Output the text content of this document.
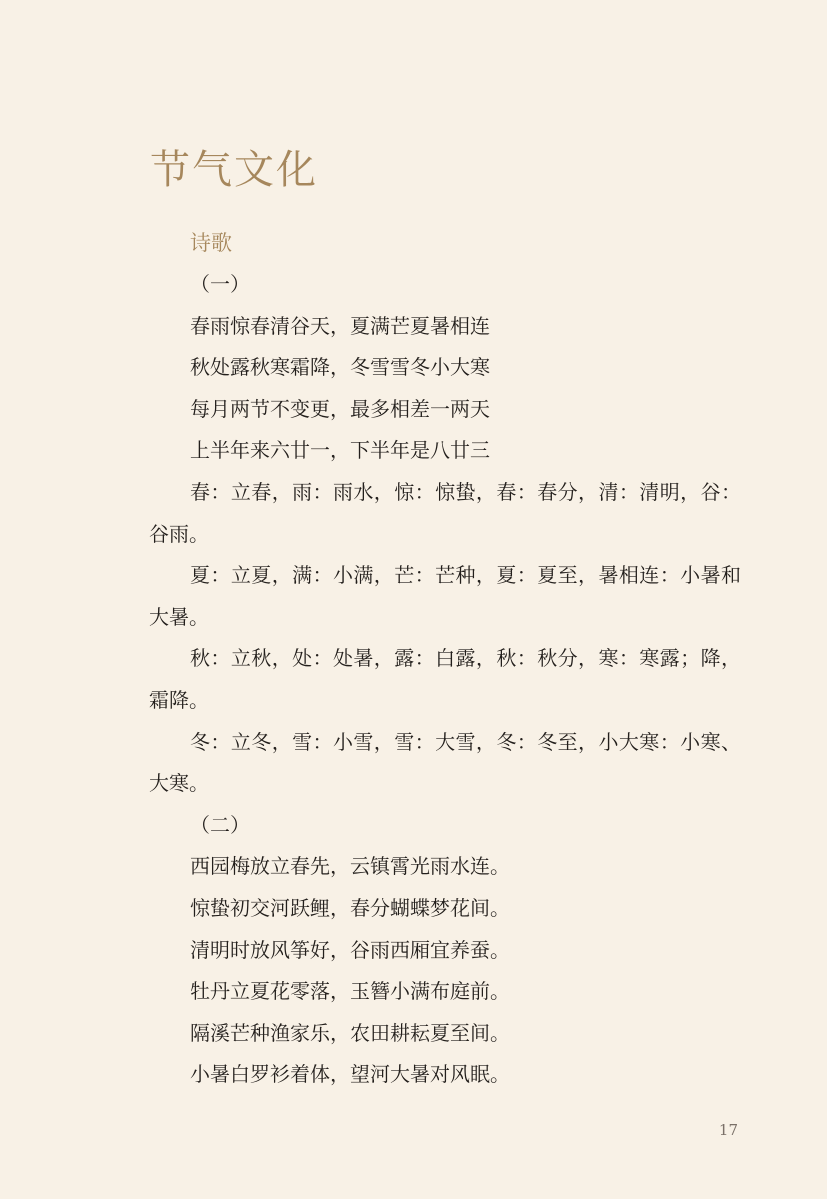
节气文化
诗歌
（一）
春雨惊春清谷天，夏满芒夏暑相连
秋处露秋寒霜降，冬雪雪冬小大寒
每月两节不变更，最多相差一两天
上半年来六廿一，下半年是八廿三
春：立春，雨：雨水，惊：惊蛰，春：春分，清：清明，谷：谷雨。
夏：立夏，满：小满，芒：芒种，夏：夏至，暑相连：小暑和大暑。
秋：立秋，处：处暑，露：白露，秋：秋分，寒：寒露；降，霜降。
冬：立冬，雪：小雪，雪：大雪，冬：冬至，小大寒：小寒、大寒。
（二）
西园梅放立春先，云镇霄光雨水连。
惊蛰初交河跃鲤，春分蝴蝶梦花间。
清明时放风筝好，谷雨西厢宜养蚕。
牡丹立夏花零落，玉簪小满布庭前。
隔溪芒种渔家乐，农田耕耘夏至间。
小暑白罗衫着体，望河大暑对风眠。
17
